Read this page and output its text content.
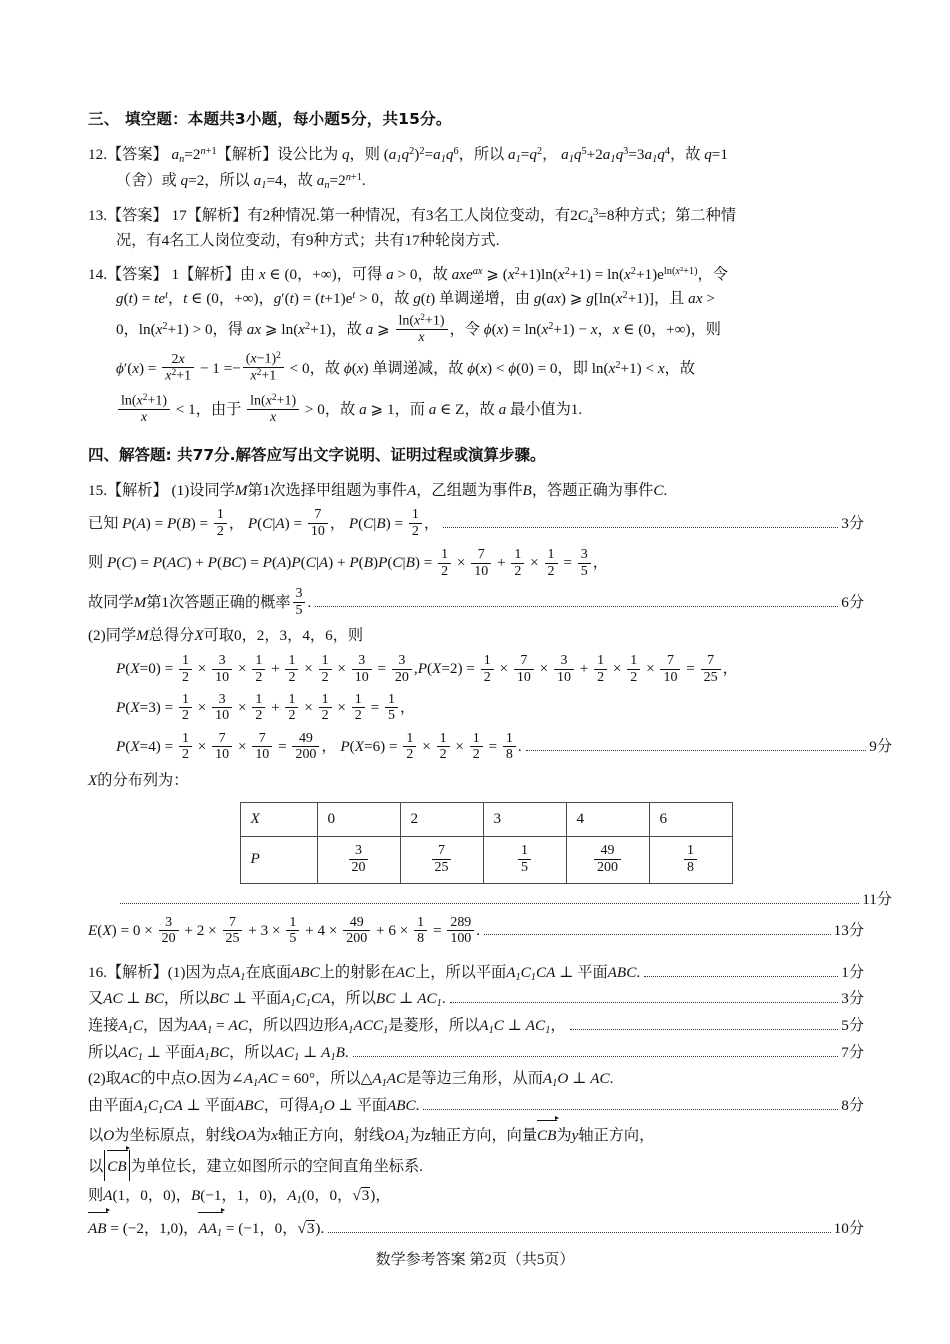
三、 填空题：本题共3小题，每小题5分，共15分。
12.【答案】 $a_n=2^{n+1}$【解析】设公比为 q，则 $(a_1q^2)^2=a_1q^6$，所以 $a_1=q^2$， $a_1q^5+2a_1q^3=3a_1q^4$，故 q=1
（舍）或 q=2，所以 $a_1=4$，故 $a_n=2^{n+1}$.
13.【答案】 17【解析】有2种情况.第一种情况，有3名工人岗位变动，有$2C_4^3=8$种方式；第二种情
况，有4名工人岗位变动，有9种方式；共有17种轮岗方式.
14.【答案】 1【解析】由 x ∈ (0，+∞)，可得 a > 0，故 axe$^{ax}$ ⩾ $(x^2+1)\ln(x^2+1) = \ln(x^2+1)e^{ln(x^2+1)}$，令
$g(t) = te^t$，t ∈ (0，+∞)，$g'(t) = (t+1)e^t > 0$，故 g(t) 单调递增，由 g(ax) ⩾ $g[\ln(x^2+1)]$，且 ax >
0，$\ln(x^2+1) > 0$，得 ax ⩾ $\ln(x^2+1)$，故 a ⩾ $\frac{\ln(x^2+1)}{x}$ ，令 $\phi(x) = \ln(x^2+1) - x$，x ∈ (0，+∞)，则
$\phi'(x) = \frac{2x}{x^2+1} - 1 =- \frac{(x-1)^2}{x^2+1} < 0$，故 ϕ(x) 单调递减，故 ϕ(x) < ϕ(0) = 0，即 $\ln(x^2+1) < x$，故
$\frac{\ln(x^2+1)}{x} < 1$，由于 $\frac{\ln(x^2+1)}{x} > 0$，故 a ⩾ 1，而 a ∈ Z，故 a 最小值为1.
四、解答题: 共77分.解答应写出文字说明、证明过程或演算步骤。
15.【解析】 (1)设同学M第1次选择甲组题为事件A，乙组题为事件B，答题正确为事件C.
已知 $P(A) = P(B) = \frac{1}{2}$ ， $P(C|A) = \frac{7}{10}$ ， $P(C|B) = \frac{1}{2}$ ，	3分
则 $P(C) = P(AC) + P(BC) = P(A)P(C|A) + P(B)P(C|B) = \frac{1}{2} \times \frac{7}{10} + \frac{1}{2} \times \frac{1}{2} = \frac{3}{5}$ ，
故同学M第1次答题正确的概率 $\frac{3}{5}$ .	6分
(2)同学M总得分X可取0，2，3，4，6，则
$P(X=0) = \frac{1}{2} \times \frac{3}{10} \times \frac{1}{2} + \frac{1}{2} \times \frac{1}{2} \times \frac{3}{10} = \frac{3}{20} ,P(X=2) = \frac{1}{2} \times \frac{7}{10} \times \frac{3}{10} + \frac{1}{2} \times \frac{1}{2} \times \frac{7}{10} = \frac{7}{25}$ ，
$P(X=3) = \frac{1}{2} \times \frac{3}{10} \times \frac{1}{2} + \frac{1}{2} \times \frac{1}{2} \times \frac{1}{2} = \frac{1}{5}$ ，
$P(X=4) = \frac{1}{2} \times \frac{7}{10} \times \frac{7}{10} = \frac{49}{200}$ ， $P(X=6) = \frac{1}{2} \times \frac{1}{2} \times \frac{1}{2} = \frac{1}{8}$ .	9分
X的分布列为：
X	0	2	3	4	6
P	$\frac{3}{20}$	$\frac{7}{25}$	$\frac{1}{5}$	$\frac{49}{200}$	$\frac{1}{8}$
11分
$E(X) = 0 \times \frac{3}{20} + 2 \times \frac{7}{25} + 3 \times \frac{1}{5} + 4 \times \frac{49}{200} + 6 \times \frac{1}{8} = \frac{289}{100}$ .	13分
16.【解析】(1)因为点$A_1$在底面ABC上的射影在AC上，所以平面$A_1C_1CA$ ⊥ 平面ABC.	1分
又AC ⊥ BC，所以BC ⊥ 平面$A_1C_1CA$，所以BC ⊥ $AC_1$.	3分
连接$A_1C$，因为$AA_1$ = AC，所以四边形$A_1ACC_1$是菱形，所以$A_1C$ ⊥ $AC_1$，	5分
所以$AC_1$ ⊥ 平面$A_1BC$，所以$AC_1$ ⊥ $A_1B$.	7分
(2)取AC的中点O.因为$\angle A_1AC = 60^\circ$，所以$\triangle A_1AC$是等边三角形，从而$A_1O$ ⊥ AC.
由平面$A_1C_1CA$ ⊥ 平面ABC，可得$A_1O$ ⊥ 平面ABC.	8分
以O为坐标原点，射线OA为x轴正方向，射线$OA_1$为z轴正方向，向量
CB为y轴正方向，
以 CB 为单位长，建立如图所示的空间直角坐标系.
则A(1，0，0)，B(−1，1，0)，$A_1(0$，0， √ 3)，
AB = (−2，1,0)，
$AA_1 = (-1$，0， √ 3).	10分
数学参考答案 第2页（共5页）
